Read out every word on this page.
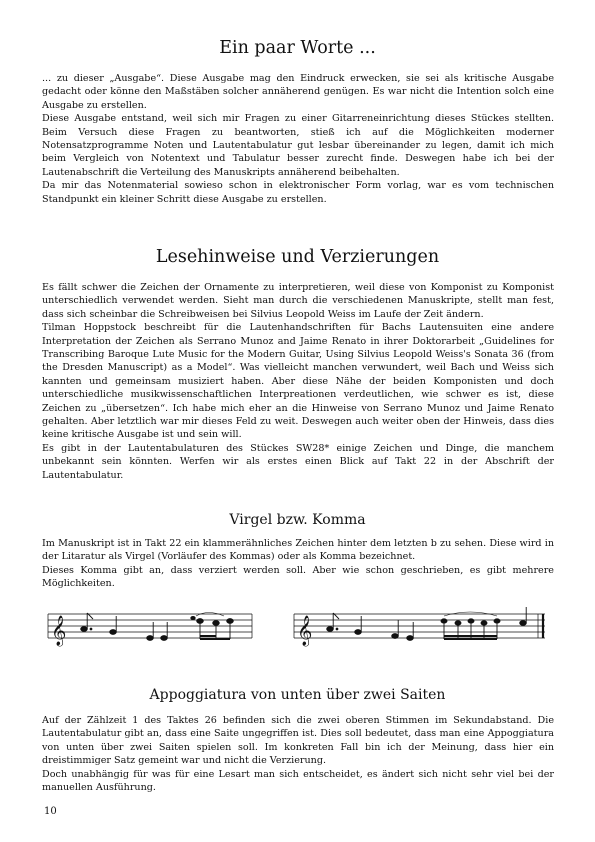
Ein paar Worte ...

... zu dieser „Ausgabe“. Diese Ausgabe mag den Eindruck erwecken, sie sei als kritische Ausgabe gedacht oder könne den Maßstäben solcher annäherend genügen. Es war nicht die Intention solch eine Ausgabe zu erstellen.

Diese Ausgabe entstand, weil sich mir Fragen zu einer Gitarreneinrichtung dieses Stückes stellten. Beim Versuch diese Fragen zu beantworten, stieß ich auf die Möglichkeiten moderner Notensatzprogramme Noten und Lautentabulatur gut lesbar übereinander zu legen, damit ich mich beim Vergleich von Notentext und Tabulatur besser zurecht finde. Deswegen habe ich bei der Lautenabschrift die Verteilung des Manuskripts annäherend beibehalten.

Da mir das Notenmaterial sowieso schon in elektronischer Form vorlag, war es vom technischen Standpunkt ein kleiner Schritt diese Ausgabe zu erstellen.

Lesehinweise und Verzierungen

Es fällt schwer die Zeichen der Ornamente zu interpretieren, weil diese von Komponist zu Komponist unterschiedlich verwendet werden. Sieht man durch die verschiedenen Manuskripte, stellt man fest, dass sich scheinbar die Schreibweisen bei Silvius Leopold Weiss im Laufe der Zeit ändern.

Tilman Hoppstock beschreibt für die Lautenhandschriften für Bachs Lautensuiten eine andere Interpretation der Zeichen als Serrano Munoz and Jaime Renato in ihrer Doktorarbeit „Guidelines for Transcribing Baroque Lute Music for the Modern Guitar, Using Silvius Leopold Weiss's Sonata 36 (from the Dresden Manuscript) as a Model“. Was vielleicht manchen verwundert, weil Bach und Weiss sich kannten und gemeinsam musiziert haben. Aber diese Nähe der beiden Komponisten und doch unterschiedliche musikwissenschaftlichen Interpreationen verdeutlichen, wie schwer es ist, diese Zeichen zu „übersetzen“. Ich habe mich eher an die Hinweise von Serrano Munoz und Jaime Renato gehalten. Aber letztlich war mir dieses Feld zu weit. Deswegen auch weiter oben der Hinweis, dass dies keine kritische Ausgabe ist und sein will.

Es gibt in der Lautentabulaturen des Stückes SW28* einige Zeichen und Dinge, die manchem unbekannt sein könnten. Werfen wir als erstes einen Blick auf Takt 22 in der Abschrift der Lautentabulatur.

Virgel bzw. Komma

Im Manuskript ist in Takt 22 ein klammerähnliches Zeichen hinter dem letzten b zu sehen. Diese wird in der Litaratur als Virgel (Vorläufer des Kommas) oder als Komma bezeichnet.

Dieses Komma gibt an, dass verziert werden soll. Aber wie schon geschrieben, es gibt mehrere Möglichkeiten.

𝄞	𝄞
Appoggiatura von unten über zwei Saiten

Auf der Zählzeit 1 des Taktes 26 befinden sich die zwei oberen Stimmen im Sekundabstand. Die Lautentabulatur gibt an, dass eine Saite ungegriffen ist. Dies soll bedeutet, dass man eine Appoggiatura von unten über zwei Saiten spielen soll. Im konkreten Fall bin ich der Meinung, dass hier ein dreistimmiger Satz gemeint war und nicht die Verzierung.

Doch unabhängig für was für eine Lesart man sich entscheidet, es ändert sich nicht sehr viel bei der manuellen Ausführung.

10
